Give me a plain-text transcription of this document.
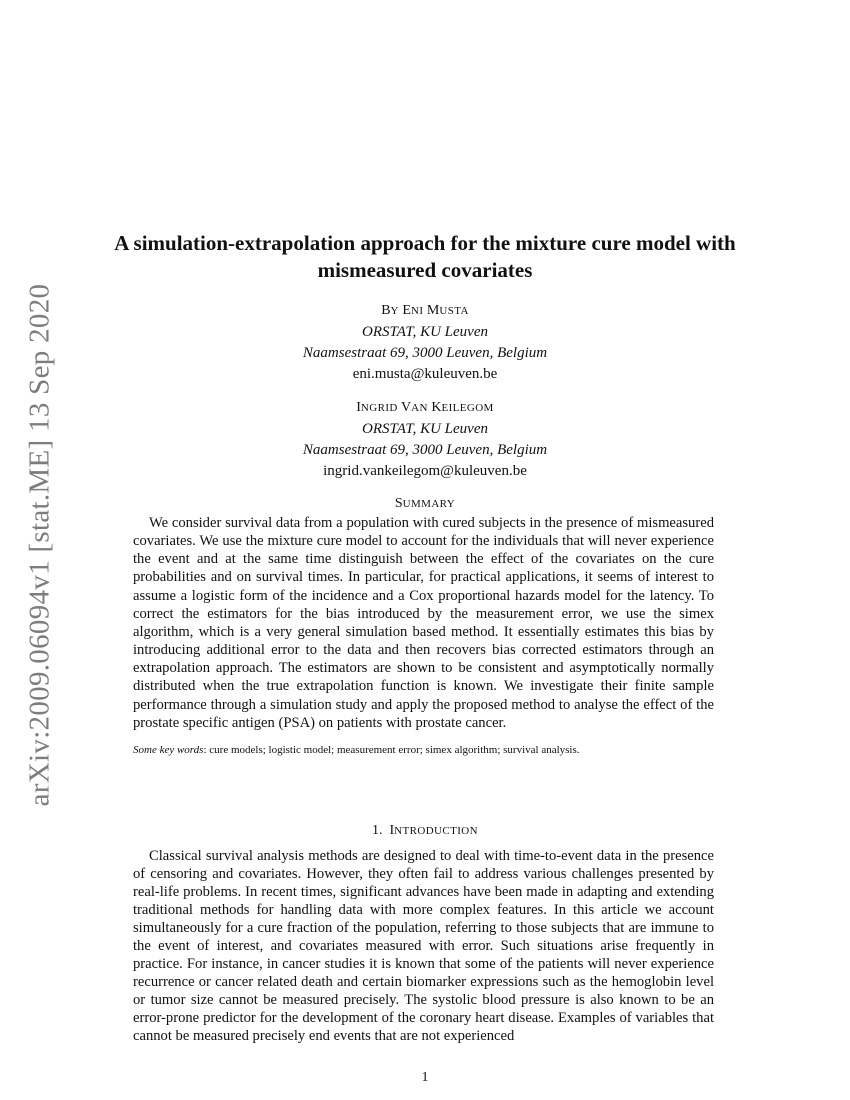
arXiv:2009.06094v1 [stat.ME] 13 Sep 2020
A simulation-extrapolation approach for the mixture cure model with mismeasured covariates
BY ENI MUSTA
ORSTAT, KU Leuven
Naamsestraat 69, 3000 Leuven, Belgium
eni.musta@kuleuven.be
INGRID VAN KEILEGOM
ORSTAT, KU Leuven
Naamsestraat 69, 3000 Leuven, Belgium
ingrid.vankeilegom@kuleuven.be
SUMMARY

We consider survival data from a population with cured subjects in the presence of mismeasured covariates. We use the mixture cure model to account for the individuals that will never experience the event and at the same time distinguish between the effect of the covariates on the cure probabilities and on survival times. In particular, for practical applications, it seems of interest to assume a logistic form of the incidence and a Cox proportional hazards model for the latency. To correct the estimators for the bias introduced by the measurement error, we use the simex algorithm, which is a very general simulation based method. It essentially estimates this bias by introducing additional error to the data and then recovers bias corrected estimators through an extrapolation approach. The estimators are shown to be consistent and asymptotically normally distributed when the true extrapolation function is known. We investigate their finite sample performance through a simulation study and apply the proposed method to analyse the effect of the prostate specific antigen (PSA) on patients with prostate cancer.

Some key words: cure models; logistic model; measurement error; simex algorithm; survival analysis.

1. INTRODUCTION

Classical survival analysis methods are designed to deal with time-to-event data in the presence of censoring and covariates. However, they often fail to address various challenges presented by real-life problems. In recent times, significant advances have been made in adapting and extending traditional methods for handling data with more complex features. In this article we account simultaneously for a cure fraction of the population, referring to those subjects that are immune to the event of interest, and covariates measured with error. Such situations arise frequently in practice. For instance, in cancer studies it is known that some of the patients will never experience recurrence or cancer related death and certain biomarker expressions such as the hemoglobin level or tumor size cannot be measured precisely. The systolic blood pressure is also known to be an error-prone predictor for the development of the coronary heart disease. Examples of variables that cannot be measured precisely end events that are not experienced

1
